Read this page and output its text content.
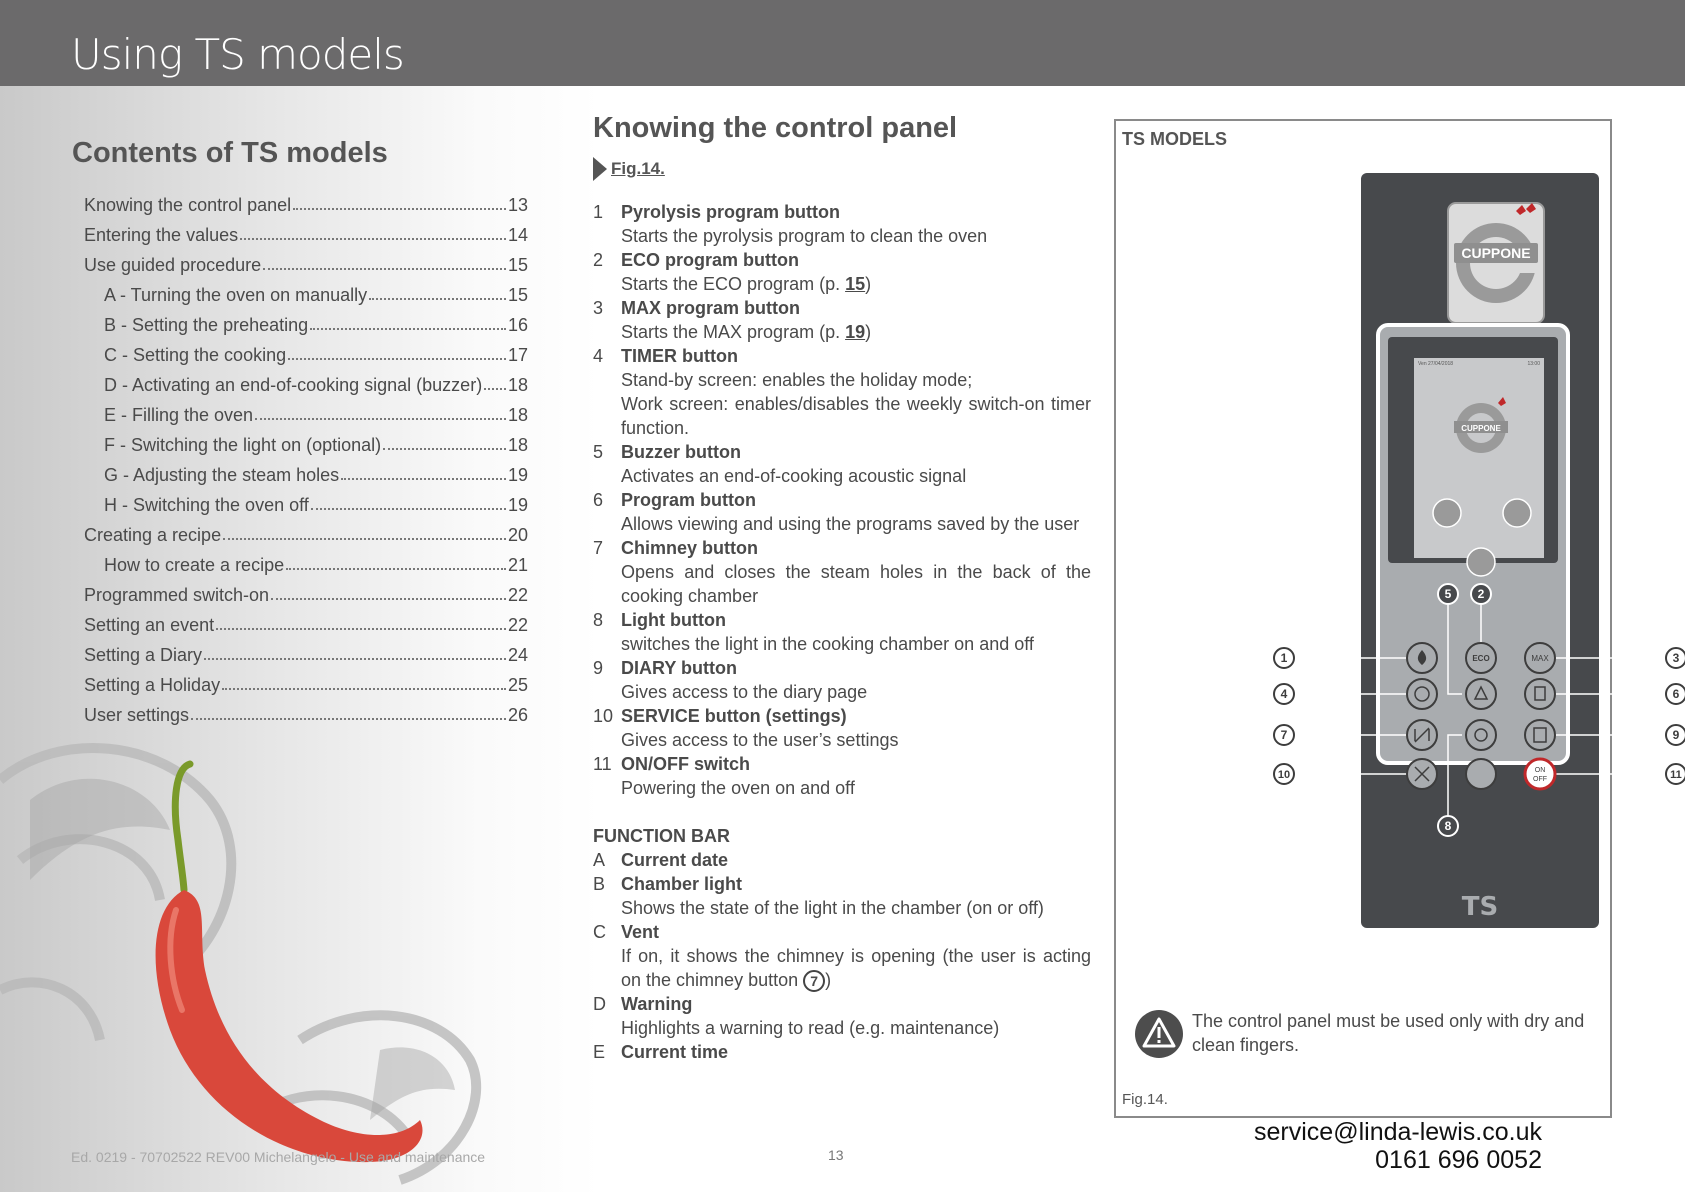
Using TS models
Contents of TS models
Knowing the control panel	13
Entering the values	14
Use guided procedure	15
A - Turning the oven on manually	15
B - Setting the preheating	16
C - Setting the cooking	17
D - Activating an end-of-cooking signal (buzzer) 18
E - Filling the oven	18
F - Switching the light on (optional)	18
G - Adjusting the steam holes	19
H - Switching the oven off	19
Creating a recipe	20
How to create a recipe	21
Programmed switch-on	22
Setting an event	22
Setting a Diary	24
Setting a Holiday	25
User settings	26
Ed. 0219 - 70702522 REV00 Michelangelo - Use and maintenance	13
Knowing the control panel
Fig.14.
1 Pyrolysis program button
Starts the pyrolysis program to clean the oven
2 ECO program button
Starts the ECO program (p. 15)
3 MAX program button
Starts the MAX program (p. 19)
4 TIMER button
Stand-by screen: enables the holiday mode;
Work screen: enables/disables the weekly switch-on timer function.
5 Buzzer button
Activates an end-of-cooking acoustic signal
6 Program button
Allows viewing and using the programs saved by the user
7 Chimney button
Opens and closes the steam holes in the back of the cooking chamber
8 Light button
switches the light in the cooking chamber on and off
9 DIARY button
Gives access to the diary page
10 SERVICE button (settings)
Gives access to the user’s settings
11 ON/OFF switch
Powering the oven on and off
FUNCTION BAR
A Current date
B Chamber light
Shows the state of the light in the chamber (on or off)
C Vent
If on, it shows the chimney is opening (the user is acting on the chimney button 7 )
D Warning
Highlights a warning to read (e.g. maintenance)
E Current time
TS MODELS
CUPPONE
Ven 27/04/2018	13:00
CUPPONE
ECO	MAX
ON
OFF
1
2
3
4
5
6
7
8
9
10	11
TS
The control panel must be used only with dry and clean fingers.
Fig.14.
service@linda-lewis.co.uk
0161 696 0052
